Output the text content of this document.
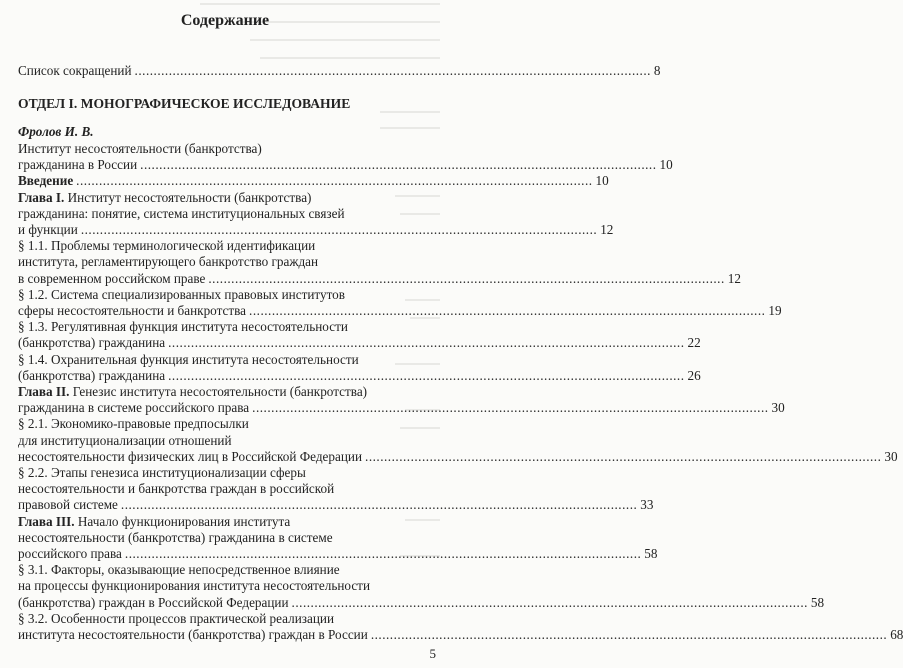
Содержание
Список сокращений ........................................................................................................................................ 8
ОТДЕЛ I. МОНОГРАФИЧЕСКОЕ ИССЛЕДОВАНИЕ
Фролов И. В.
Институт несостоятельности (банкротства)
гражданина в России ........................................................................................................................................ 10
Введение ........................................................................................................................................ 10
Глава I. Институт несостоятельности (банкротства)
гражданина: понятие, система институциональных связей
и функции ........................................................................................................................................ 12
§ 1.1. Проблемы терминологической идентификации
института, регламентирующего банкротство граждан
в современном российском праве ........................................................................................................................................ 12
§ 1.2. Система специализированных правовых институтов
сферы несостоятельности и банкротства ........................................................................................................................................ 19
§ 1.3. Регулятивная функция института несостоятельности
(банкротства) гражданина ........................................................................................................................................ 22
§ 1.4. Охранительная функция института несостоятельности
(банкротства) гражданина ........................................................................................................................................ 26
Глава II. Генезис института несостоятельности (банкротства)
гражданина в системе российского права ........................................................................................................................................ 30
§ 2.1. Экономико-правовые предпосылки
для институционализации отношений
несостоятельности физических лиц в Российской Федерации ........................................................................................................................................ 30
§ 2.2. Этапы генезиса институционализации сферы
несостоятельности и банкротства граждан в российской
правовой системе ........................................................................................................................................ 33
Глава III. Начало функционирования института
несостоятельности (банкротства) гражданина в системе
российского права ........................................................................................................................................ 58
§ 3.1. Факторы, оказывающие непосредственное влияние
на процессы функционирования института несостоятельности
(банкротства) граждан в Российской Федерации ........................................................................................................................................ 58
§ 3.2. Особенности процессов практической реализации
института несостоятельности (банкротства) граждан в России ........................................................................................................................................ 68
5
